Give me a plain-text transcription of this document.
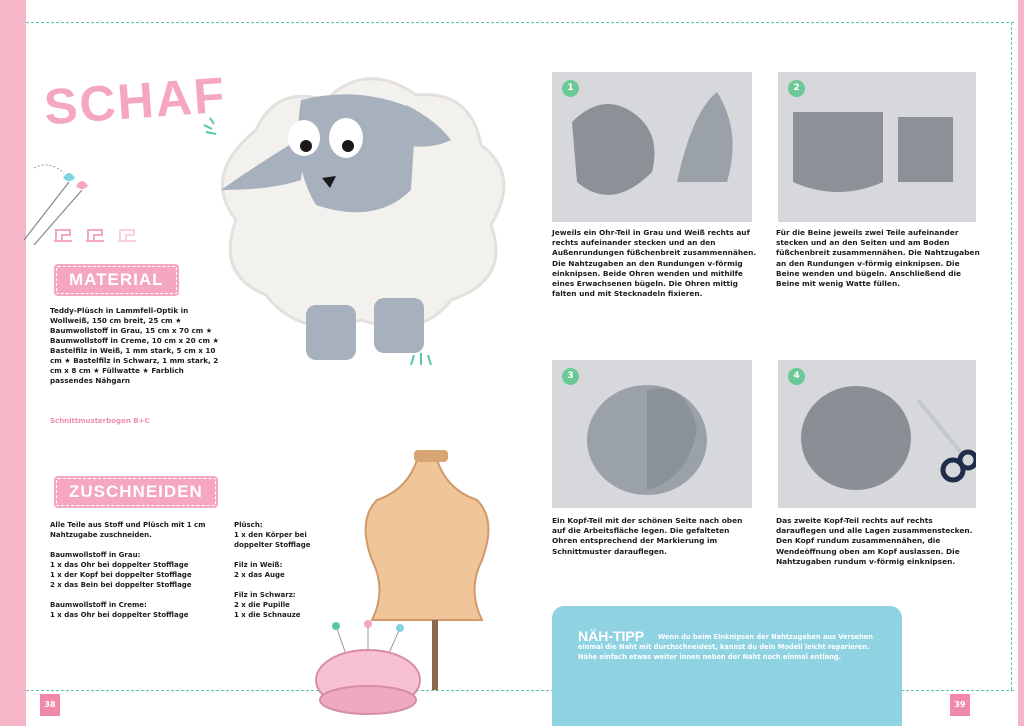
SCHAF
MATERIAL
Teddy-Plüsch in Lammfell-Optik in Wollweiß, 150 cm breit, 25 cm ★ Baumwollstoff in Grau, 15 cm x 70 cm ★ Baumwollstoff in Creme, 10 cm x 20 cm ★ Bastelfilz in Weiß, 1 mm stark, 5 cm x 10 cm ★ Bastelfilz in Schwarz, 1 mm stark, 2 cm x 8 cm ★ Füllwatte ★ Farblich passendes Nähgarn
Schnittmusterbogen B+C
ZUSCHNEIDEN
Alle Teile aus Stoff und Plüsch mit 1 cm Nahtzugabe zuschneiden.

Baumwollstoff in Grau:
1 x das Ohr bei doppelter Stofflage
1 x der Kopf bei doppelter Stofflage
2 x das Bein bei doppelter Stofflage

Baumwollstoff in Creme:
1 x das Ohr bei doppelter Stofflage
Plüsch:
1 x den Körper bei doppelter Stofflage

Filz in Weiß:
2 x das Auge

Filz in Schwarz:
2 x die Pupille
1 x die Schnauze
1
Jeweils ein Ohr-Teil in Grau und Weiß rechts auf rechts aufeinander stecken und an den Außenrundungen füßchenbreit zusammennähen. Die Nahtzugaben an den Rundungen v-förmig einknipsen. Beide Ohren wenden und mithilfe eines Erwachsenen bügeln. Die Ohren mittig falten und mit Stecknadeln fixieren.
2
Für die Beine jeweils zwei Teile aufeinander stecken und an den Seiten und am Boden füßchenbreit zusammennähen. Die Nahtzugaben an den Rundungen v-förmig einknipsen. Die Beine wenden und bügeln. Anschließend die Beine mit wenig Watte füllen.
3
Ein Kopf-Teil mit der schönen Seite nach oben auf die Arbeitsfläche legen. Die gefalteten Ohren entsprechend der Markierung im Schnittmuster darauflegen.
4
Das zweite Kopf-Teil rechts auf rechts darauflegen und alle Lagen zusammenstecken. Den Kopf rundum zusammennähen, die Wendeöffnung oben am Kopf auslassen. Die Nahtzugaben rundum v-förmig einknipsen.
NÄH-TIPP	Wenn du beim Einknipsen der Nahtzugaben aus Versehen einmal die Naht mit durchschneidest, kannst du dein Modell leicht reparieren. Nähe einfach etwas weiter innen neben der Naht noch einmal entlang.
38	39
